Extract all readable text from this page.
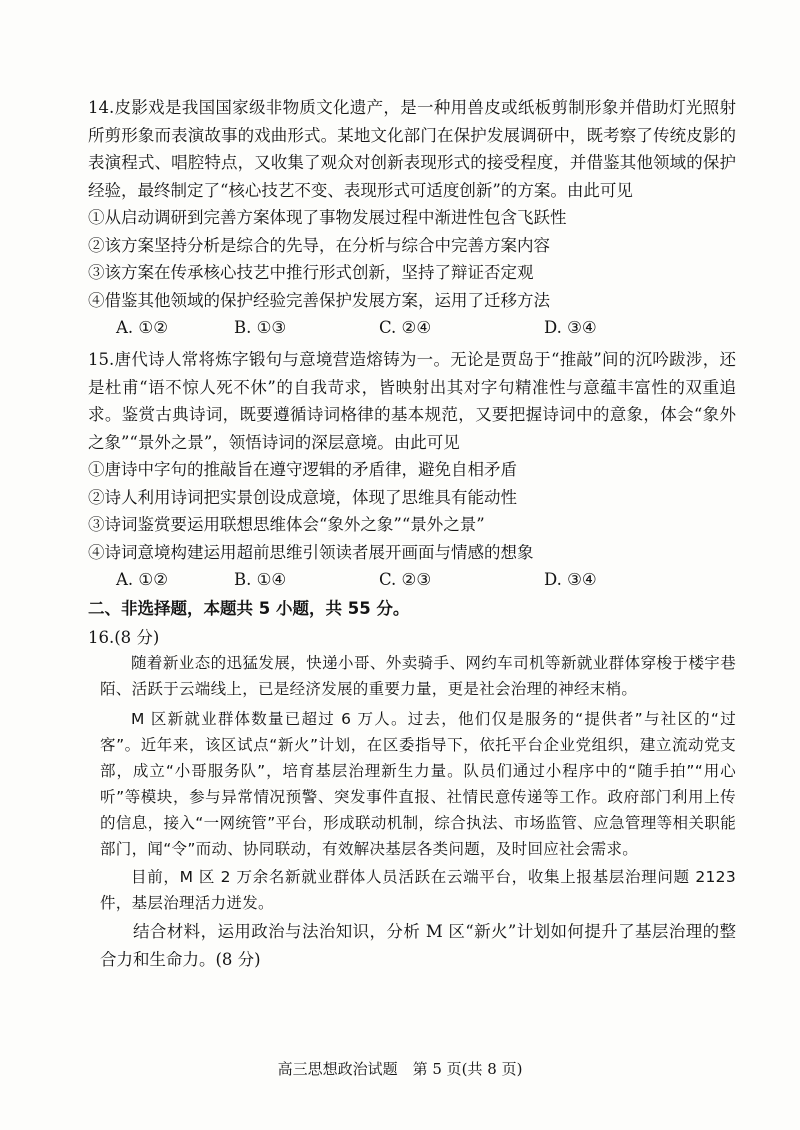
14.皮影戏是我国国家级非物质文化遗产，是一种用兽皮或纸板剪制形象并借助灯光照射所剪形象而表演故事的戏曲形式。某地文化部门在保护发展调研中，既考察了传统皮影的表演程式、唱腔特点，又收集了观众对创新表现形式的接受程度，并借鉴其他领域的保护经验，最终制定了“核心技艺不变、表现形式可适度创新”的方案。由此可见

①从启动调研到完善方案体现了事物发展过程中渐进性包含飞跃性

②该方案坚持分析是综合的先导，在分析与综合中完善方案内容

③该方案在传承核心技艺中推行形式创新，坚持了辩证否定观

④借鉴其他领域的保护经验完善保护发展方案，运用了迁移方法

A. ①②	B. ①③	C. ②④	D. ③④

15.唐代诗人常将炼字锻句与意境营造熔铸为一。无论是贾岛于“推敲”间的沉吟跋涉，还是杜甫“语不惊人死不休”的自我苛求，皆映射出其对字句精准性与意蕴丰富性的双重追求。鉴赏古典诗词，既要遵循诗词格律的基本规范，又要把握诗词中的意象，体会“象外之象”“景外之景”，领悟诗词的深层意境。由此可见

①唐诗中字句的推敲旨在遵守逻辑的矛盾律，避免自相矛盾

②诗人利用诗词把实景创设成意境，体现了思维具有能动性

③诗词鉴赏要运用联想思维体会“象外之象”“景外之景”

④诗词意境构建运用超前思维引领读者展开画面与情感的想象

A. ①②	B. ①④	C. ②③	D. ③④
二、非选择题，本题共 5 小题，共 55 分。
16.(8 分)

随着新业态的迅猛发展，快递小哥、外卖骑手、网约车司机等新就业群体穿梭于楼宇巷陌、活跃于云端线上，已是经济发展的重要力量，更是社会治理的神经末梢。

M 区新就业群体数量已超过 6 万人。过去，他们仅是服务的“提供者”与社区的“过客”。近年来，该区试点“新火”计划，在区委指导下，依托平台企业党组织，建立流动党支部，成立“小哥服务队”，培育基层治理新生力量。队员们通过小程序中的“随手拍”“用心听”等模块，参与异常情况预警、突发事件直报、社情民意传递等工作。政府部门利用上传的信息，接入“一网统管”平台，形成联动机制，综合执法、市场监管、应急管理等相关职能部门，闻“令”而动、协同联动，有效解决基层各类问题，及时回应社会需求。

目前，M 区 2 万余名新就业群体人员活跃在云端平台，收集上报基层治理问题 2123 件，基层治理活力迸发。

结合材料，运用政治与法治知识，分析 M 区“新火”计划如何提升了基层治理的整合力和生命力。(8 分)

高三思想政治试题　第 5 页(共 8 页)
